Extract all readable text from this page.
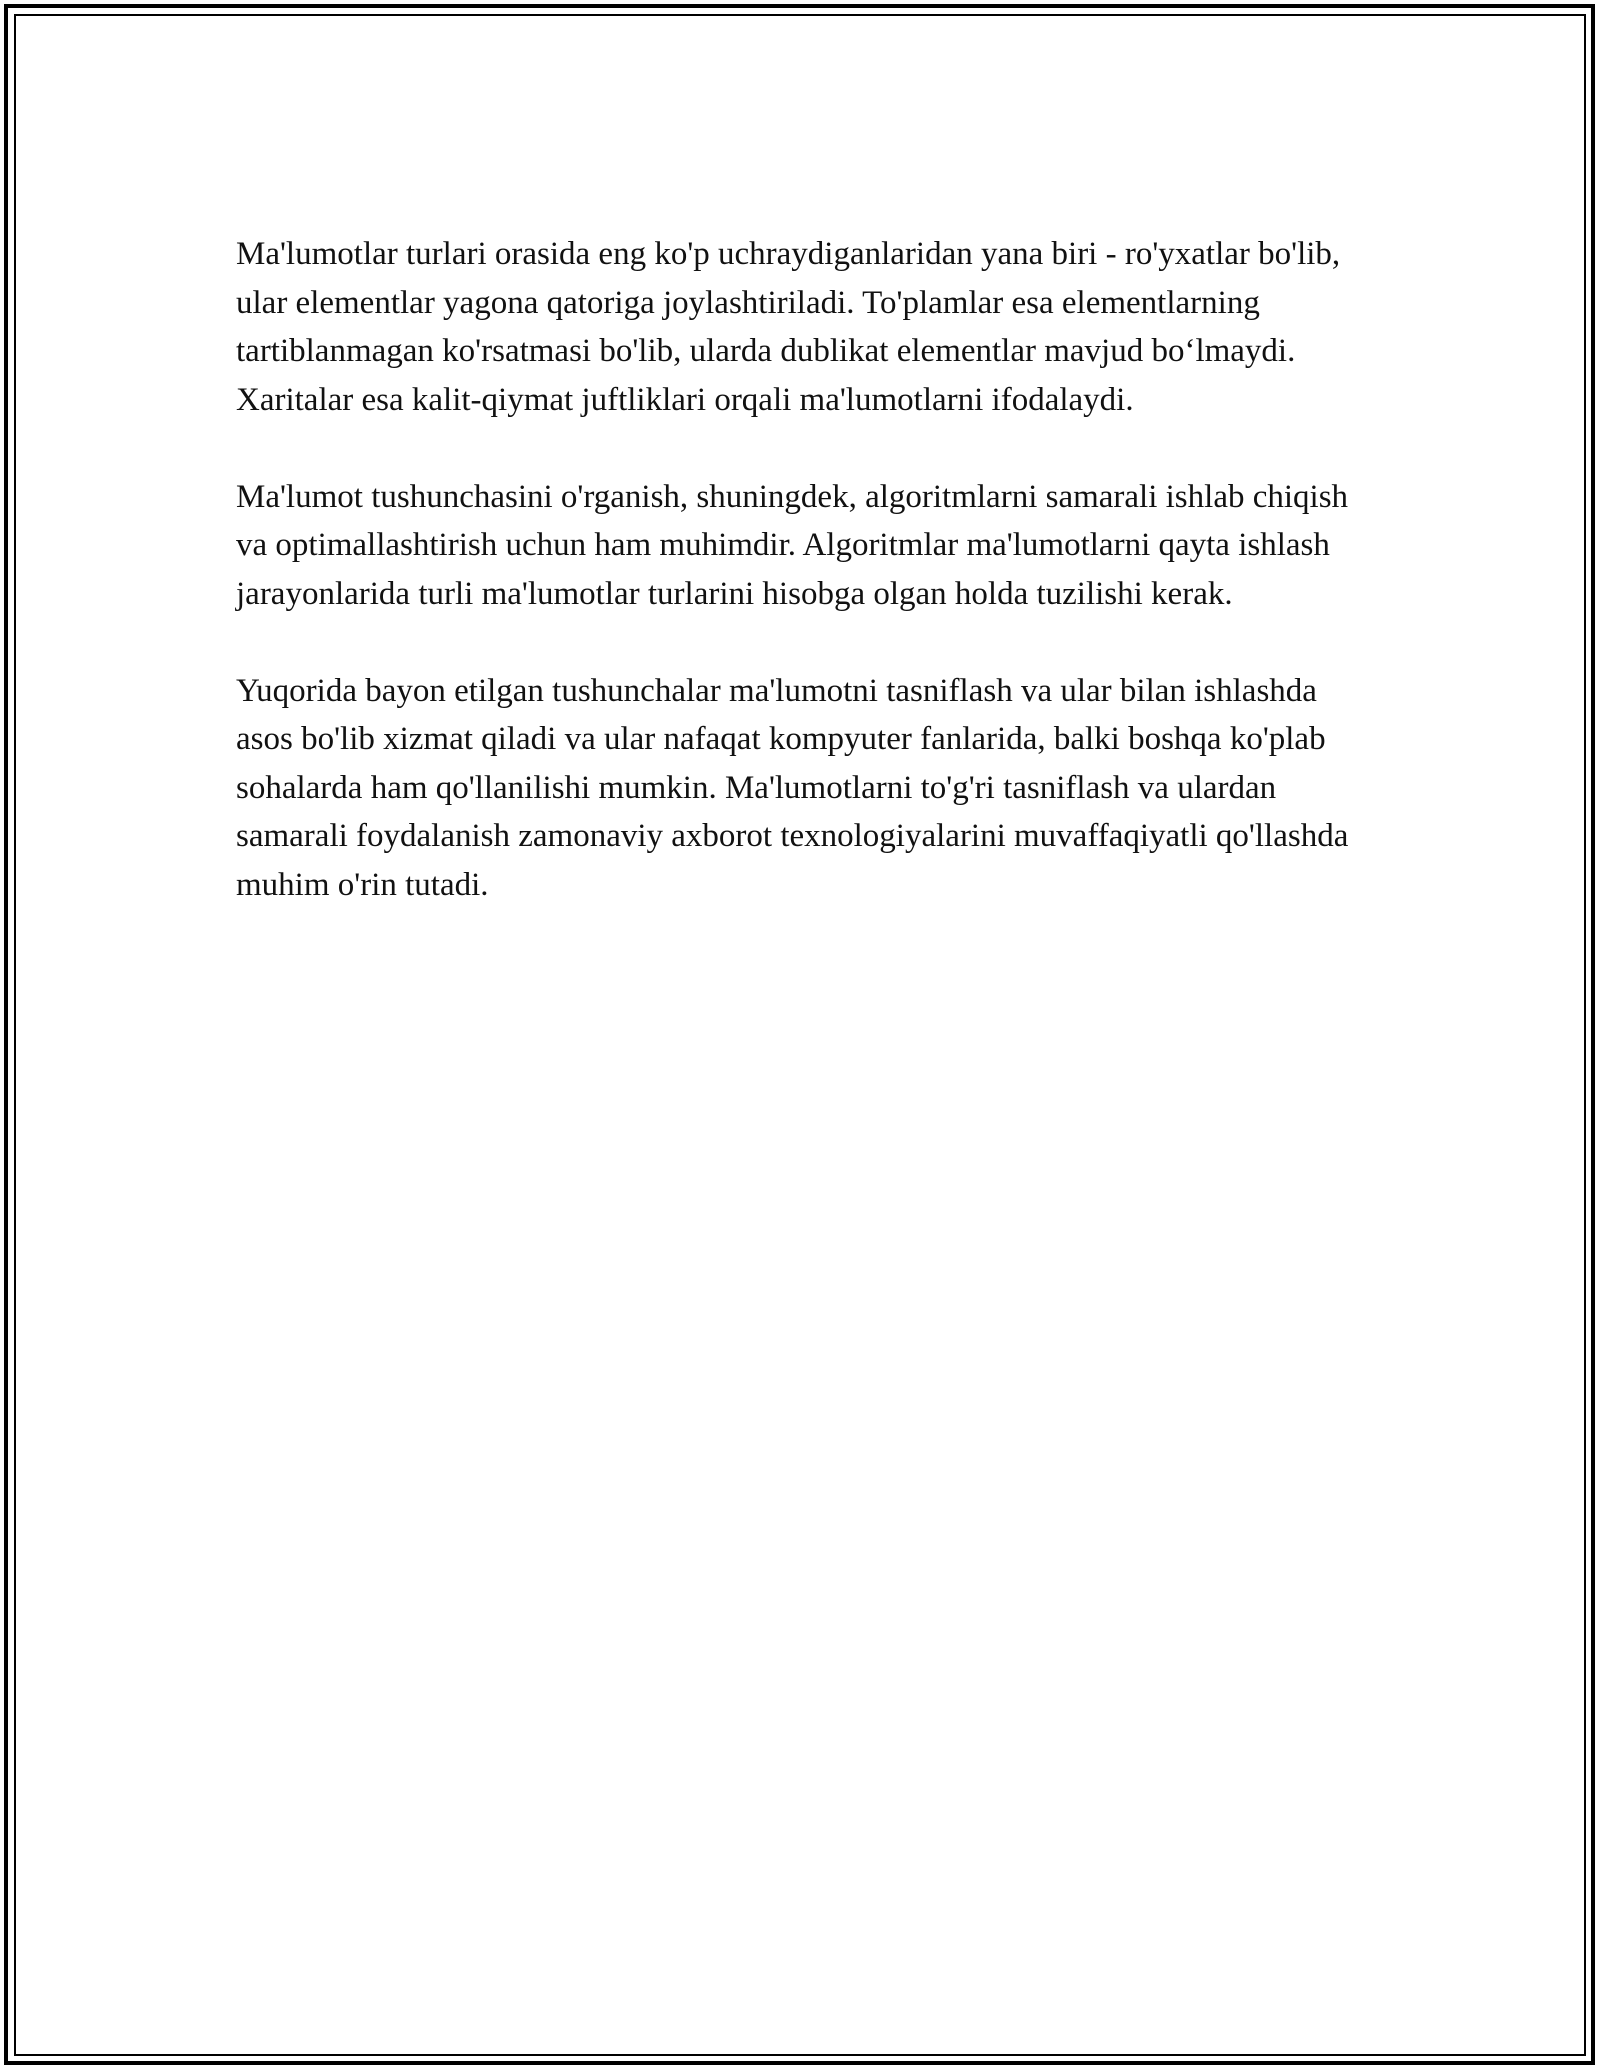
Ma'lumotlar turlari orasida eng ko'p uchraydiganlaridan yana biri - ro'yxatlar bo'lib, ular elementlar yagona qatoriga joylashtiriladi. To'plamlar esa elementlarning tartiblanmagan ko'rsatmasi bo'lib, ularda dublikat elementlar mavjud bo‘lmaydi. Xaritalar esa kalit-qiymat juftliklari orqali ma'lumotlarni ifodalaydi.

Ma'lumot tushunchasini o'rganish, shuningdek, algoritmlarni samarali ishlab chiqish va optimallashtirish uchun ham muhimdir. Algoritmlar ma'lumotlarni qayta ishlash jarayonlarida turli ma'lumotlar turlarini hisobga olgan holda tuzilishi kerak.

Yuqorida bayon etilgan tushunchalar ma'lumotni tasniflash va ular bilan ishlashda asos bo'lib xizmat qiladi va ular nafaqat kompyuter fanlarida, balki boshqa ko'plab sohalarda ham qo'llanilishi mumkin. Ma'lumotlarni to'g'ri tasniflash va ulardan samarali foydalanish zamonaviy axborot texnologiyalarini muvaffaqiyatli qo'llashda muhim o'rin tutadi.
